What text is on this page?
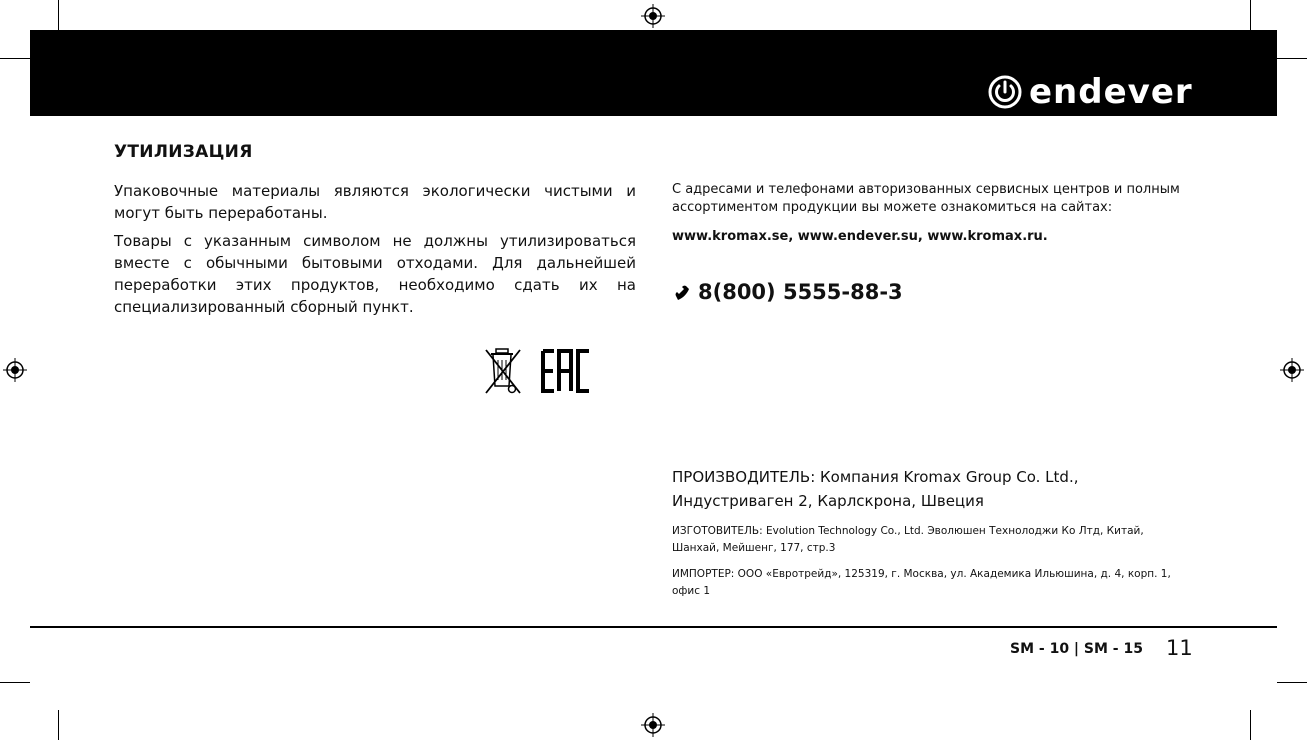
endever
УТИЛИЗАЦИЯ
Упаковочные материалы являются экологически чистыми и могут быть переработаны.
Товары с указанным символом не должны утилизироваться вместе с обычными бытовыми отходами. Для дальнейшей переработки этих продуктов, необходимо сдать их на специализированный сборный пункт.
С адресами и телефонами авторизованных сервисных центров и полным ассортиментом продукции вы можете ознакомиться на сайтах:
www.kromax.se, www.endever.su, www.kromax.ru.
8(800) 5555-88-3
ПРОИЗВОДИТЕЛЬ: Компания Kromax Group Co. Ltd., Индустриваген 2, Карлскрона, Швеция
ИЗГОТОВИТЕЛЬ: Evolution Technology Co., Ltd. Эволюшен Технолоджи Ко Лтд, Китай, Шанхай, Мейшенг, 177, стр.3
ИМПОРТЕР: ООО «Евротрейд», 125319, г. Москва, ул. Академика Ильюшина, д. 4, корп. 1, офис 1
SM - 10 | SM - 15 11
